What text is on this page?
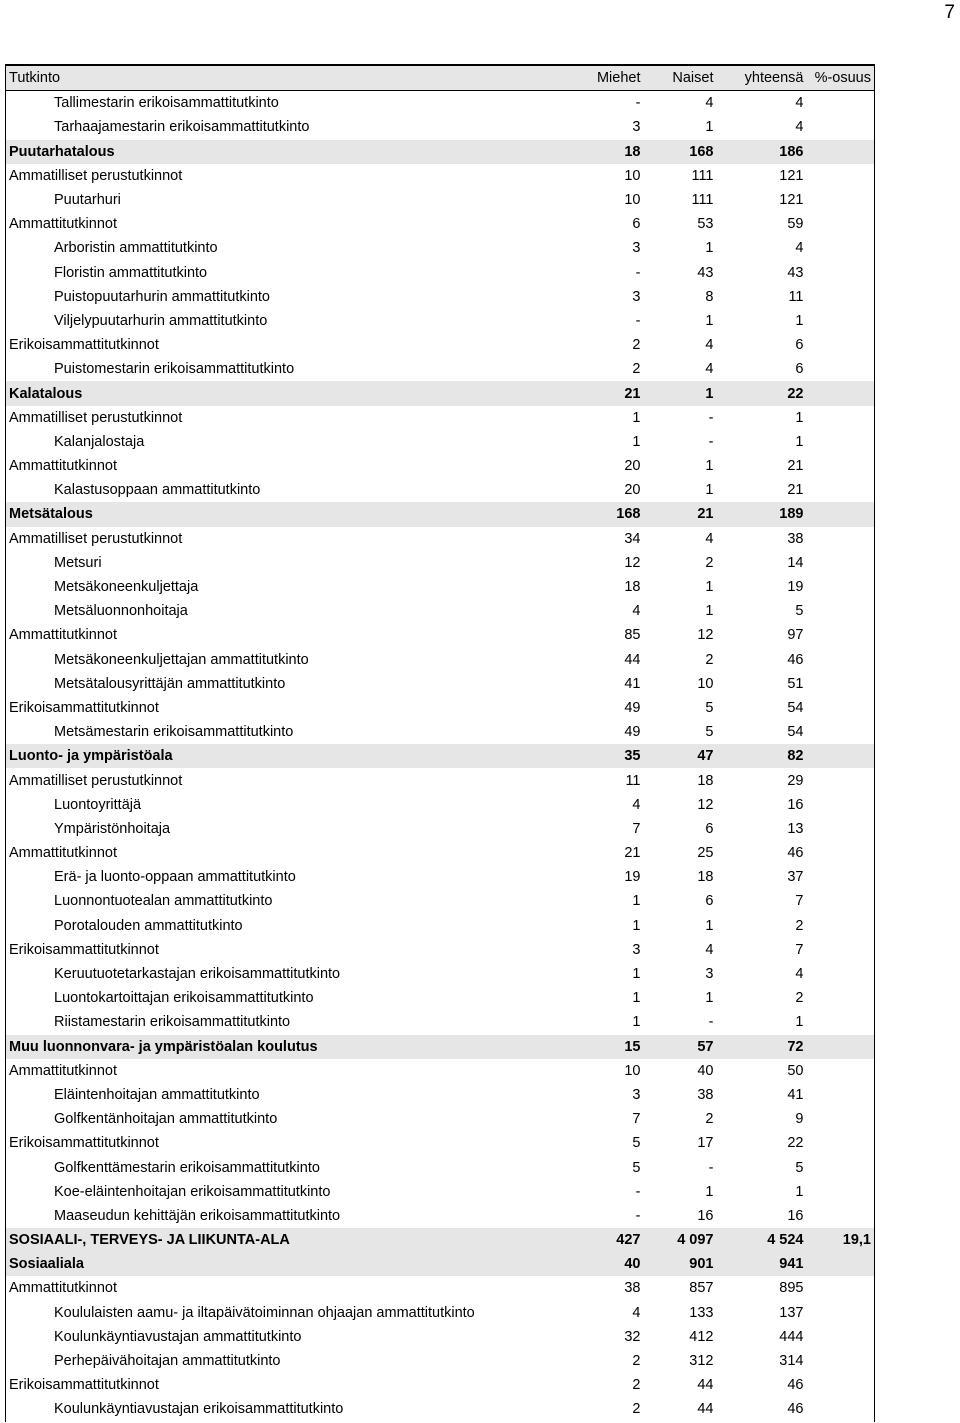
7
Tutkinto	Miehet	Naiset	yhteensä	%-osuus
Tallimestarin erikoisammattitutkinto	-	4	4	
Tarhaajamestarin erikoisammattitutkinto	3	1	4	
Puutarhatalous	18	168	186	
Ammatilliset perustutkinnot	10	111	121	
Puutarhuri	10	111	121	
Ammattitutkinnot	6	53	59	
Arboristin ammattitutkinto	3	1	4	
Floristin ammattitutkinto	-	43	43	
Puistopuutarhurin ammattitutkinto	3	8	11	
Viljelypuutarhurin ammattitutkinto	-	1	1	
Erikoisammattitutkinnot	2	4	6	
Puistomestarin erikoisammattitutkinto	2	4	6	
Kalatalous	21	1	22	
Ammatilliset perustutkinnot	1	-	1	
Kalanjalostaja	1	-	1	
Ammattitutkinnot	20	1	21	
Kalastusoppaan ammattitutkinto	20	1	21	
Metsätalous	168	21	189	
Ammatilliset perustutkinnot	34	4	38	
Metsuri	12	2	14	
Metsäkoneenkuljettaja	18	1	19	
Metsäluonnonhoitaja	4	1	5	
Ammattitutkinnot	85	12	97	
Metsäkoneenkuljettajan ammattitutkinto	44	2	46	
Metsätalousyrittäjän ammattitutkinto	41	10	51	
Erikoisammattitutkinnot	49	5	54	
Metsämestarin erikoisammattitutkinto	49	5	54	
Luonto- ja ympäristöala	35	47	82	
Ammatilliset perustutkinnot	11	18	29	
Luontoyrittäjä	4	12	16	
Ympäristönhoitaja	7	6	13	
Ammattitutkinnot	21	25	46	
Erä- ja luonto-oppaan ammattitutkinto	19	18	37	
Luonnontuotealan ammattitutkinto	1	6	7	
Porotalouden ammattitutkinto	1	1	2	
Erikoisammattitutkinnot	3	4	7	
Keruutuotetarkastajan erikoisammattitutkinto	1	3	4	
Luontokartoittajan erikoisammattitutkinto	1	1	2	
Riistamestarin erikoisammattitutkinto	1	-	1	
Muu luonnonvara- ja ympäristöalan koulutus	15	57	72	
Ammattitutkinnot	10	40	50	
Eläintenhoitajan ammattitutkinto	3	38	41	
Golfkentänhoitajan ammattitutkinto	7	2	9	
Erikoisammattitutkinnot	5	17	22	
Golfkenttämestarin erikoisammattitutkinto	5	-	5	
Koe-eläintenhoitajan erikoisammattitutkinto	-	1	1	
Maaseudun kehittäjän erikoisammattitutkinto	-	16	16	
SOSIAALI-, TERVEYS- JA LIIKUNTA-ALA	427	4 097	4 524	19,1
Sosiaaliala	40	901	941	
Ammattitutkinnot	38	857	895	
Koululaisten aamu- ja iltapäivätoiminnan ohjaajan ammattitutkinto	4	133	137	
Koulunkäyntiavustajan ammattitutkinto	32	412	444	
Perhepäivähoitajan ammattitutkinto	2	312	314	
Erikoisammattitutkinnot	2	44	46	
Koulunkäyntiavustajan erikoisammattitutkinto	2	44	46	
